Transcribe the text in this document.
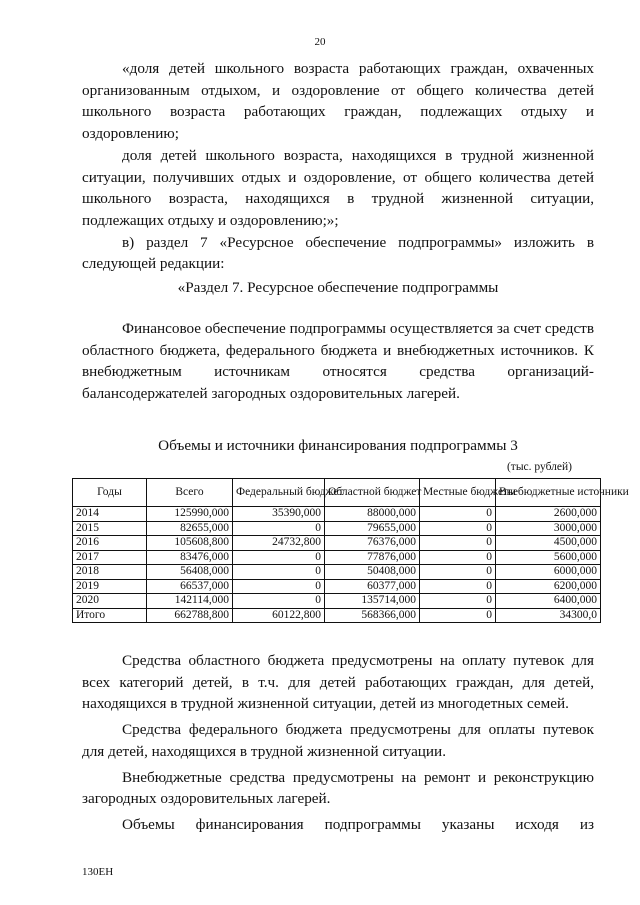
20

«доля детей школьного возраста работающих граждан, охваченных организованным отдыхом, и оздоровление от общего количества детей школьного возраста работающих граждан, подлежащих отдыху и оздоровлению;

доля детей школьного возраста, находящихся в трудной жизненной ситуации, получивших отдых и оздоровление, от общего количества детей школьного возраста, находящихся в трудной жизненной ситуации, подлежащих отдыху и оздоровлению;»;

в) раздел 7 «Ресурсное обеспечение подпрограммы» изложить в следующей редакции:

«Раздел 7. Ресурсное обеспечение подпрограммы

Финансовое обеспечение подпрограммы осуществляется за счет средств областного бюджета, федерального бюджета и внебюджетных источников. К внебюджетным источникам относятся средства организаций-балансодержателей загородных оздоровительных лагерей.

Объемы и источники финансирования подпрограммы 3
(тыс. рублей)
Годы	Всего	Федеральный бюджет	Областной бюджет	Местные бюджеты	Внебюджетные источники
2014	125990,000	35390,000	88000,000	0	2600,000
2015	82655,000	0	79655,000	0	3000,000
2016	105608,800	24732,800	76376,000	0	4500,000
2017	83476,000	0	77876,000	0	5600,000
2018	56408,000	0	50408,000	0	6000,000
2019	66537,000	0	60377,000	0	6200,000
2020	142114,000	0	135714,000	0	6400,000
Итого	662788,800	60122,800	568366,000	0	34300,0

Средства областного бюджета предусмотрены на оплату путевок для всех категорий детей, в т.ч. для детей работающих граждан, для детей, находящихся в трудной жизненной ситуации, детей из многодетных семей.

Средства федерального бюджета предусмотрены для оплаты путевок для детей, находящихся в трудной жизненной ситуации.

Внебюджетные средства предусмотрены на ремонт и реконструкцию загородных оздоровительных лагерей.

Объемы финансирования подпрограммы указаны исходя из

130ЕН
